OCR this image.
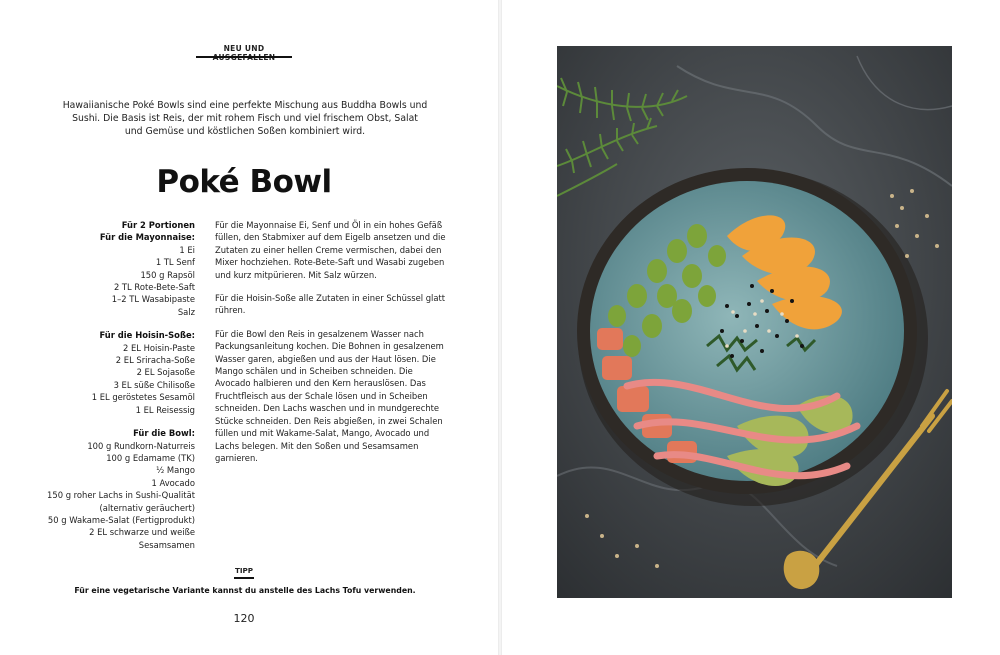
NEU UND
Hawaiianische Poké Bowls sind eine perfekte Mischung aus Buddha Bowls und Sushi. Die Basis ist Reis, der mit rohem Fisch und viel frischem Obst, Salat und Gemüse und köstlichen Soßen kombiniert wird.
Poké Bowl
Für 2 Portionen
Für die Mayonnaise:
1 Ei
1 TL Senf
150 g Rapsöl
2 TL Rote-Bete-Saft
1–2 TL Wasabipaste
Salz
Für die Hoisin-Soße:
2 EL Hoisin-Paste
2 EL Sriracha-Soße
2 EL Sojasoße
3 EL süße Chilisoße
1 EL geröstetes Sesamöl
1 EL Reisessig
Für die Bowl:
100 g Rundkorn-Naturreis
100 g Edamame (TK)
½ Mango
1 Avocado
150 g roher Lachs in Sushi-Qualität
(alternativ geräuchert)
50 g Wakame-Salat (Fertigprodukt)
2 EL schwarze und weiße
Sesamsamen

Für die Mayonnaise Ei, Senf und Öl in ein hohes Gefäß füllen, den Stabmixer auf dem Eigelb ansetzen und die Zutaten zu einer hellen Creme vermischen, dabei den Mixer hochziehen. Rote-Bete-Saft und Wasabi zugeben und kurz mitpürieren. Mit Salz würzen.

Für die Hoisin-Soße alle Zutaten in einer Schüssel glatt rühren.

Für die Bowl den Reis in gesalzenem Wasser nach Packungsanleitung kochen. Die Bohnen in gesalzenem Wasser garen, abgießen und aus der Haut lösen. Die Mango schälen und in Scheiben schneiden. Die Avocado halbieren und den Kern herauslösen. Das Fruchtfleisch aus der Schale lösen und in Scheiben schneiden. Den Lachs waschen und in mundgerechte Stücke schneiden. Den Reis abgießen, in zwei Schalen füllen und mit Wakame-Salat, Mango, Avocado und Lachs belegen. Mit den Soßen und Sesamsamen garnieren.

TIPP
Für eine vegetarische Variante kannst du anstelle des Lachs Tofu verwenden.
120
